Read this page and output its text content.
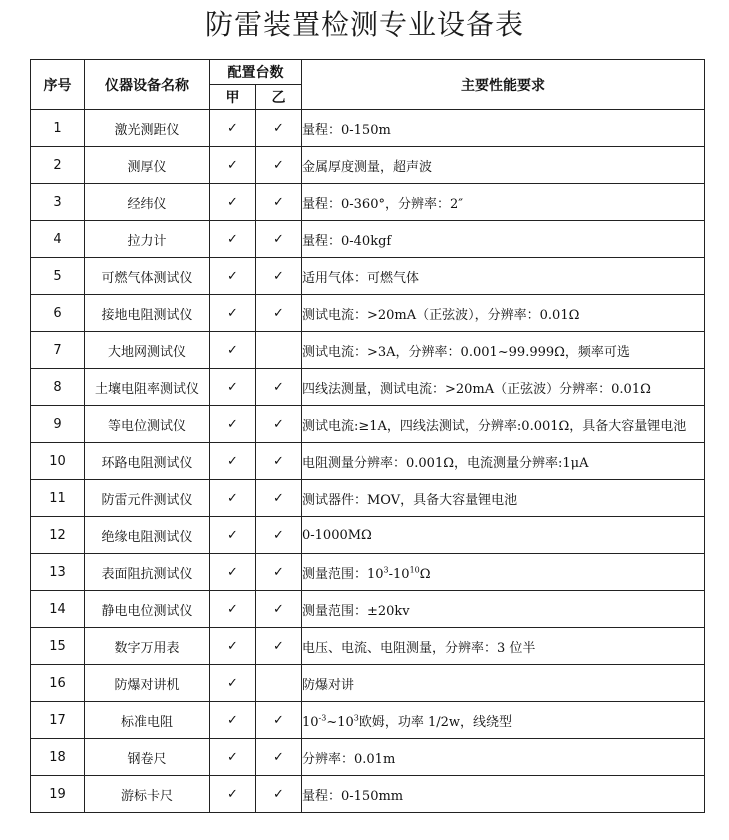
防雷装置检测专业设备表
序号	仪器设备名称	配置台数		主要性能要求
		甲	乙	
1	激光测距仪	✓	✓	量程：0-150m
2	测厚仪	✓	✓	金属厚度测量，超声波
3	经纬仪	✓	✓	量程：0-360°，分辨率：2″
4	拉力计	✓	✓	量程：0-40kgf
5	可燃气体测试仪	✓	✓	适用气体：可燃气体
6	接地电阻测试仪	✓	✓	测试电流：>20mA（正弦波），分辨率：0.01Ω
7	大地网测试仪	✓		测试电流：>3A，分辨率：0.001~99.999Ω，频率可选
8	土壤电阻率测试仪	✓	✓	四线法测量，测试电流：>20mA（正弦波）分辨率：0.01Ω
9	等电位测试仪	✓	✓	测试电流:≥1A，四线法测试，分辨率:0.001Ω，具备大容量锂电池
10	环路电阻测试仪	✓	✓	电阻测量分辨率：0.001Ω，电流测量分辨率:1μA
11	防雷元件测试仪	✓	✓	测试器件：MOV，具备大容量锂电池
12	绝缘电阻测试仪	✓	✓	0-1000MΩ
13	表面阻抗测试仪	✓	✓	测量范围：$10^3-10^{10}\Omega$
14	静电电位测试仪	✓	✓	测量范围：±20kv
15	数字万用表	✓	✓	电压、电流、电阻测量，分辨率：3 位半
16	防爆对讲机	✓		防爆对讲
17	标准电阻	✓	✓	$10^{-3}\sim 10^3$欧姆，功率 1/2w，线绕型
18	钢卷尺	✓	✓	分辨率：0.01m
19	游标卡尺	✓	✓	量程：0-150mm
